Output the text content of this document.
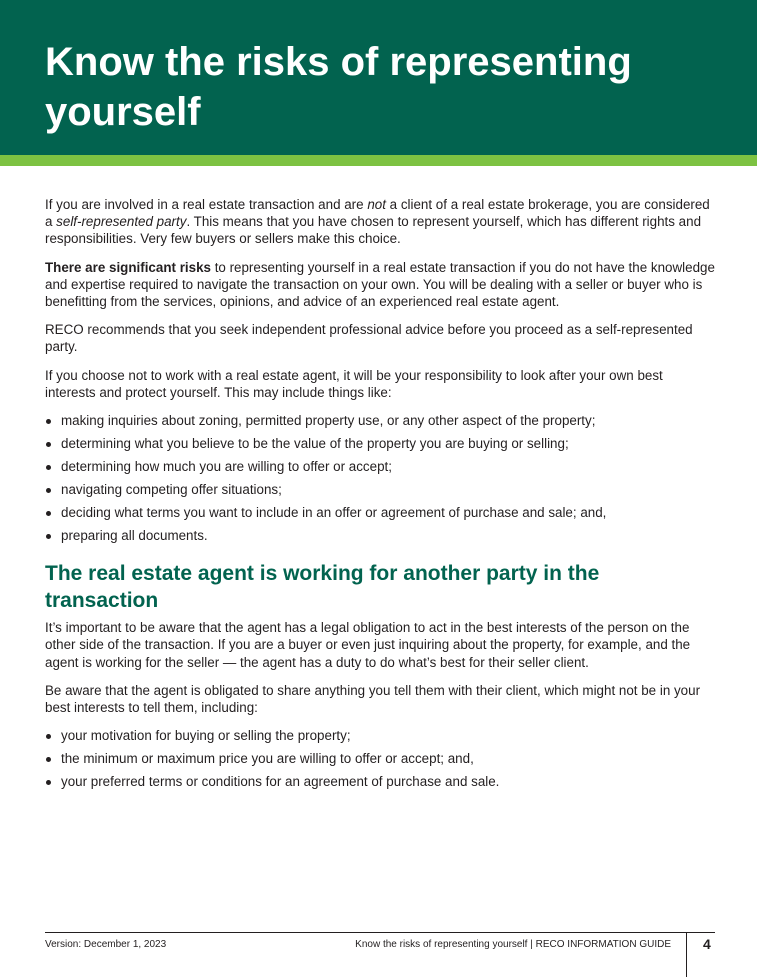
Know the risks of representing yourself

If you are involved in a real estate transaction and are not a client of a real estate brokerage, you are considered a self-represented party. This means that you have chosen to represent yourself, which has different rights and responsibilities. Very few buyers or sellers make this choice.

There are significant risks to representing yourself in a real estate transaction if you do not have the knowledge and expertise required to navigate the transaction on your own. You will be dealing with a seller or buyer who is benefitting from the services, opinions, and advice of an experienced real estate agent.

RECO recommends that you seek independent professional advice before you proceed as a self-represented party.

If you choose not to work with a real estate agent, it will be your responsibility to look after your own best interests and protect yourself. This may include things like:

making inquiries about zoning, permitted property use, or any other aspect of the property;
determining what you believe to be the value of the property you are buying or selling;
determining how much you are willing to offer or accept;
navigating competing offer situations;
deciding what terms you want to include in an offer or agreement of purchase and sale; and,
preparing all documents.
The real estate agent is working for another party in the transaction

It’s important to be aware that the agent has a legal obligation to act in the best interests of the person on the other side of the transaction. If you are a buyer or even just inquiring about the property, for example, and the agent is working for the seller — the agent has a duty to do what’s best for their seller client.

Be aware that the agent is obligated to share anything you tell them with their client, which might not be in your best interests to tell them, including:

your motivation for buying or selling the property;
the minimum or maximum price you are willing to offer or accept; and,
your preferred terms or conditions for an agreement of purchase and sale.
Version: December 1, 2023	Know the risks of representing yourself | RECO INFORMATION GUIDE 4
